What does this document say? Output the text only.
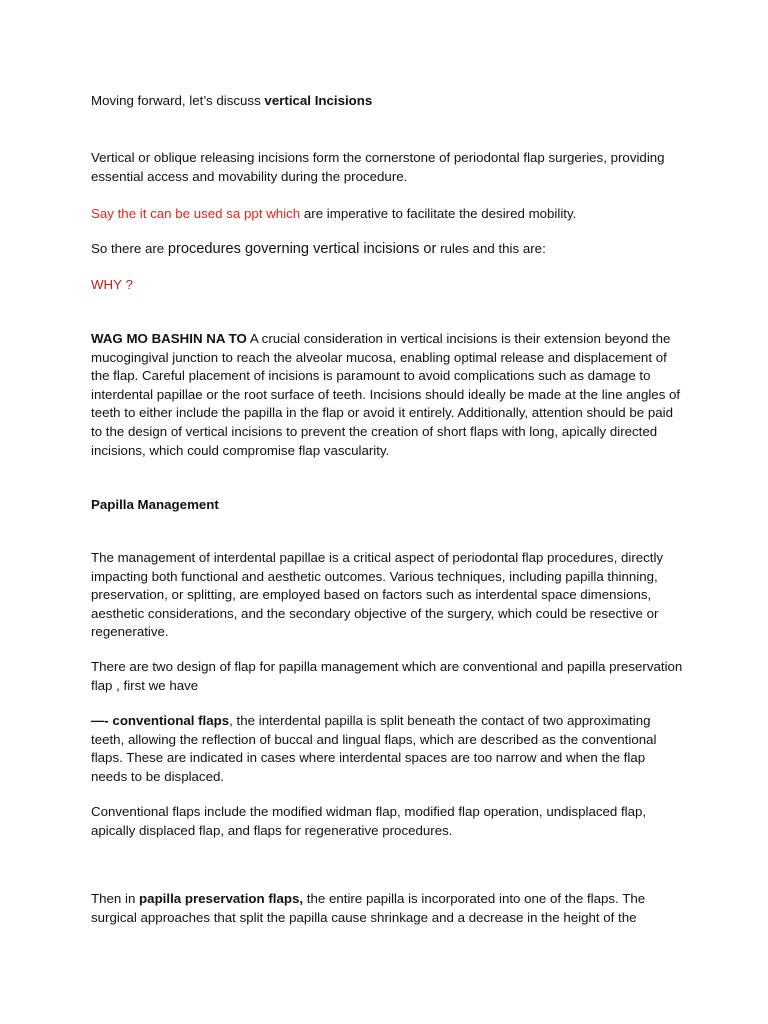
Moving forward, let’s discuss vertical Incisions

Vertical or oblique releasing incisions form the cornerstone of periodontal flap surgeries, providing essential access and movability during the procedure.

Say the it can be used sa ppt which are imperative to facilitate the desired mobility.

So there are procedures governing vertical incisions or rules and this are:

WHY ?

WAG MO BASHIN NA TO A crucial consideration in vertical incisions is their extension beyond the mucogingival junction to reach the alveolar mucosa, enabling optimal release and displacement of the flap. Careful placement of incisions is paramount to avoid complications such as damage to interdental papillae or the root surface of teeth. Incisions should ideally be made at the line angles of teeth to either include the papilla in the flap or avoid it entirely. Additionally, attention should be paid to the design of vertical incisions to prevent the creation of short flaps with long, apically directed incisions, which could compromise flap vascularity.

Papilla Management

The management of interdental papillae is a critical aspect of periodontal flap procedures, directly impacting both functional and aesthetic outcomes. Various techniques, including papilla thinning, preservation, or splitting, are employed based on factors such as interdental space dimensions, aesthetic considerations, and the secondary objective of the surgery, which could be resective or regenerative.

There are two design of flap for papilla management which are conventional and papilla preservation flap , first we have

—- conventional flaps, the interdental papilla is split beneath the contact of two approximating teeth, allowing the reflection of buccal and lingual flaps, which are described as the conventional flaps. These are indicated in cases where interdental spaces are too narrow and when the flap needs to be displaced.

Conventional flaps include the modified widman flap, modified flap operation, undisplaced flap, apically displaced flap, and flaps for regenerative procedures.

Then in papilla preservation flaps, the entire papilla is incorporated into one of the flaps. The surgical approaches that split the papilla cause shrinkage and a decrease in the height of the
